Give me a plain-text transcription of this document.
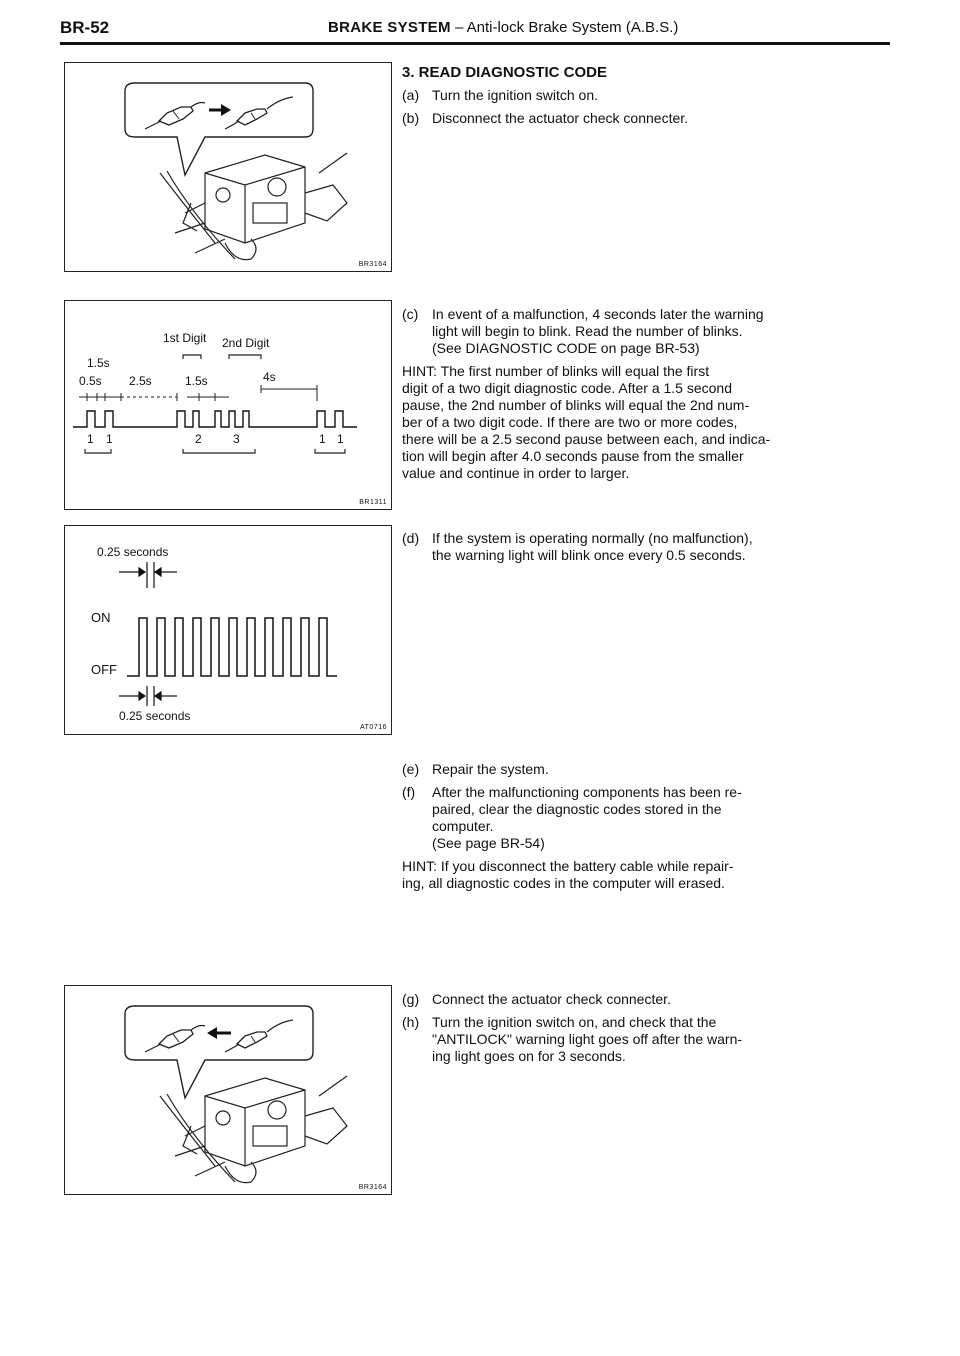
BR-52	BRAKE SYSTEM – Anti-lock Brake System (A.B.S.)
BR3164
1st Digit 2nd Digit
1.5s
0.5s 2.5s	1.5s	4s
1 1	2	3	1 1
BR1311
0.25 seconds
ON
OFF
0.25 seconds
AT0716
BR3164
3. READ DIAGNOSTIC CODE
(a) Turn the ignition switch on.
(b) Disconnect the actuator check connecter.
(c) In event of a malfunction, 4 seconds later the warning
light will begin to blink. Read the number of blinks.
(See DIAGNOSTIC CODE on page BR-53)
HINT: The first number of blinks will equal the first
digit of a two digit diagnostic code. After a 1.5 second
pause, the 2nd number of blinks will equal the 2nd num-
ber of a two digit code. If there are two or more codes,
there will be a 2.5 second pause between each, and indica-
tion will begin after 4.0 seconds pause from the smaller
value and continue in order to larger.
(d) If the system is operating normally (no malfunction),
the warning light will blink once every 0.5 seconds.
(e) Repair the system.
(f) After the malfunctioning components has been re-
paired, clear the diagnostic codes stored in the
computer.
(See page BR-54)
HINT: If you disconnect the battery cable while repair-
ing, all diagnostic codes in the computer will erased.
(g) Connect the actuator check connecter.
(h) Turn the ignition switch on, and check that the
"ANTILOCK" warning light goes off after the warn-
ing light goes on for 3 seconds.
